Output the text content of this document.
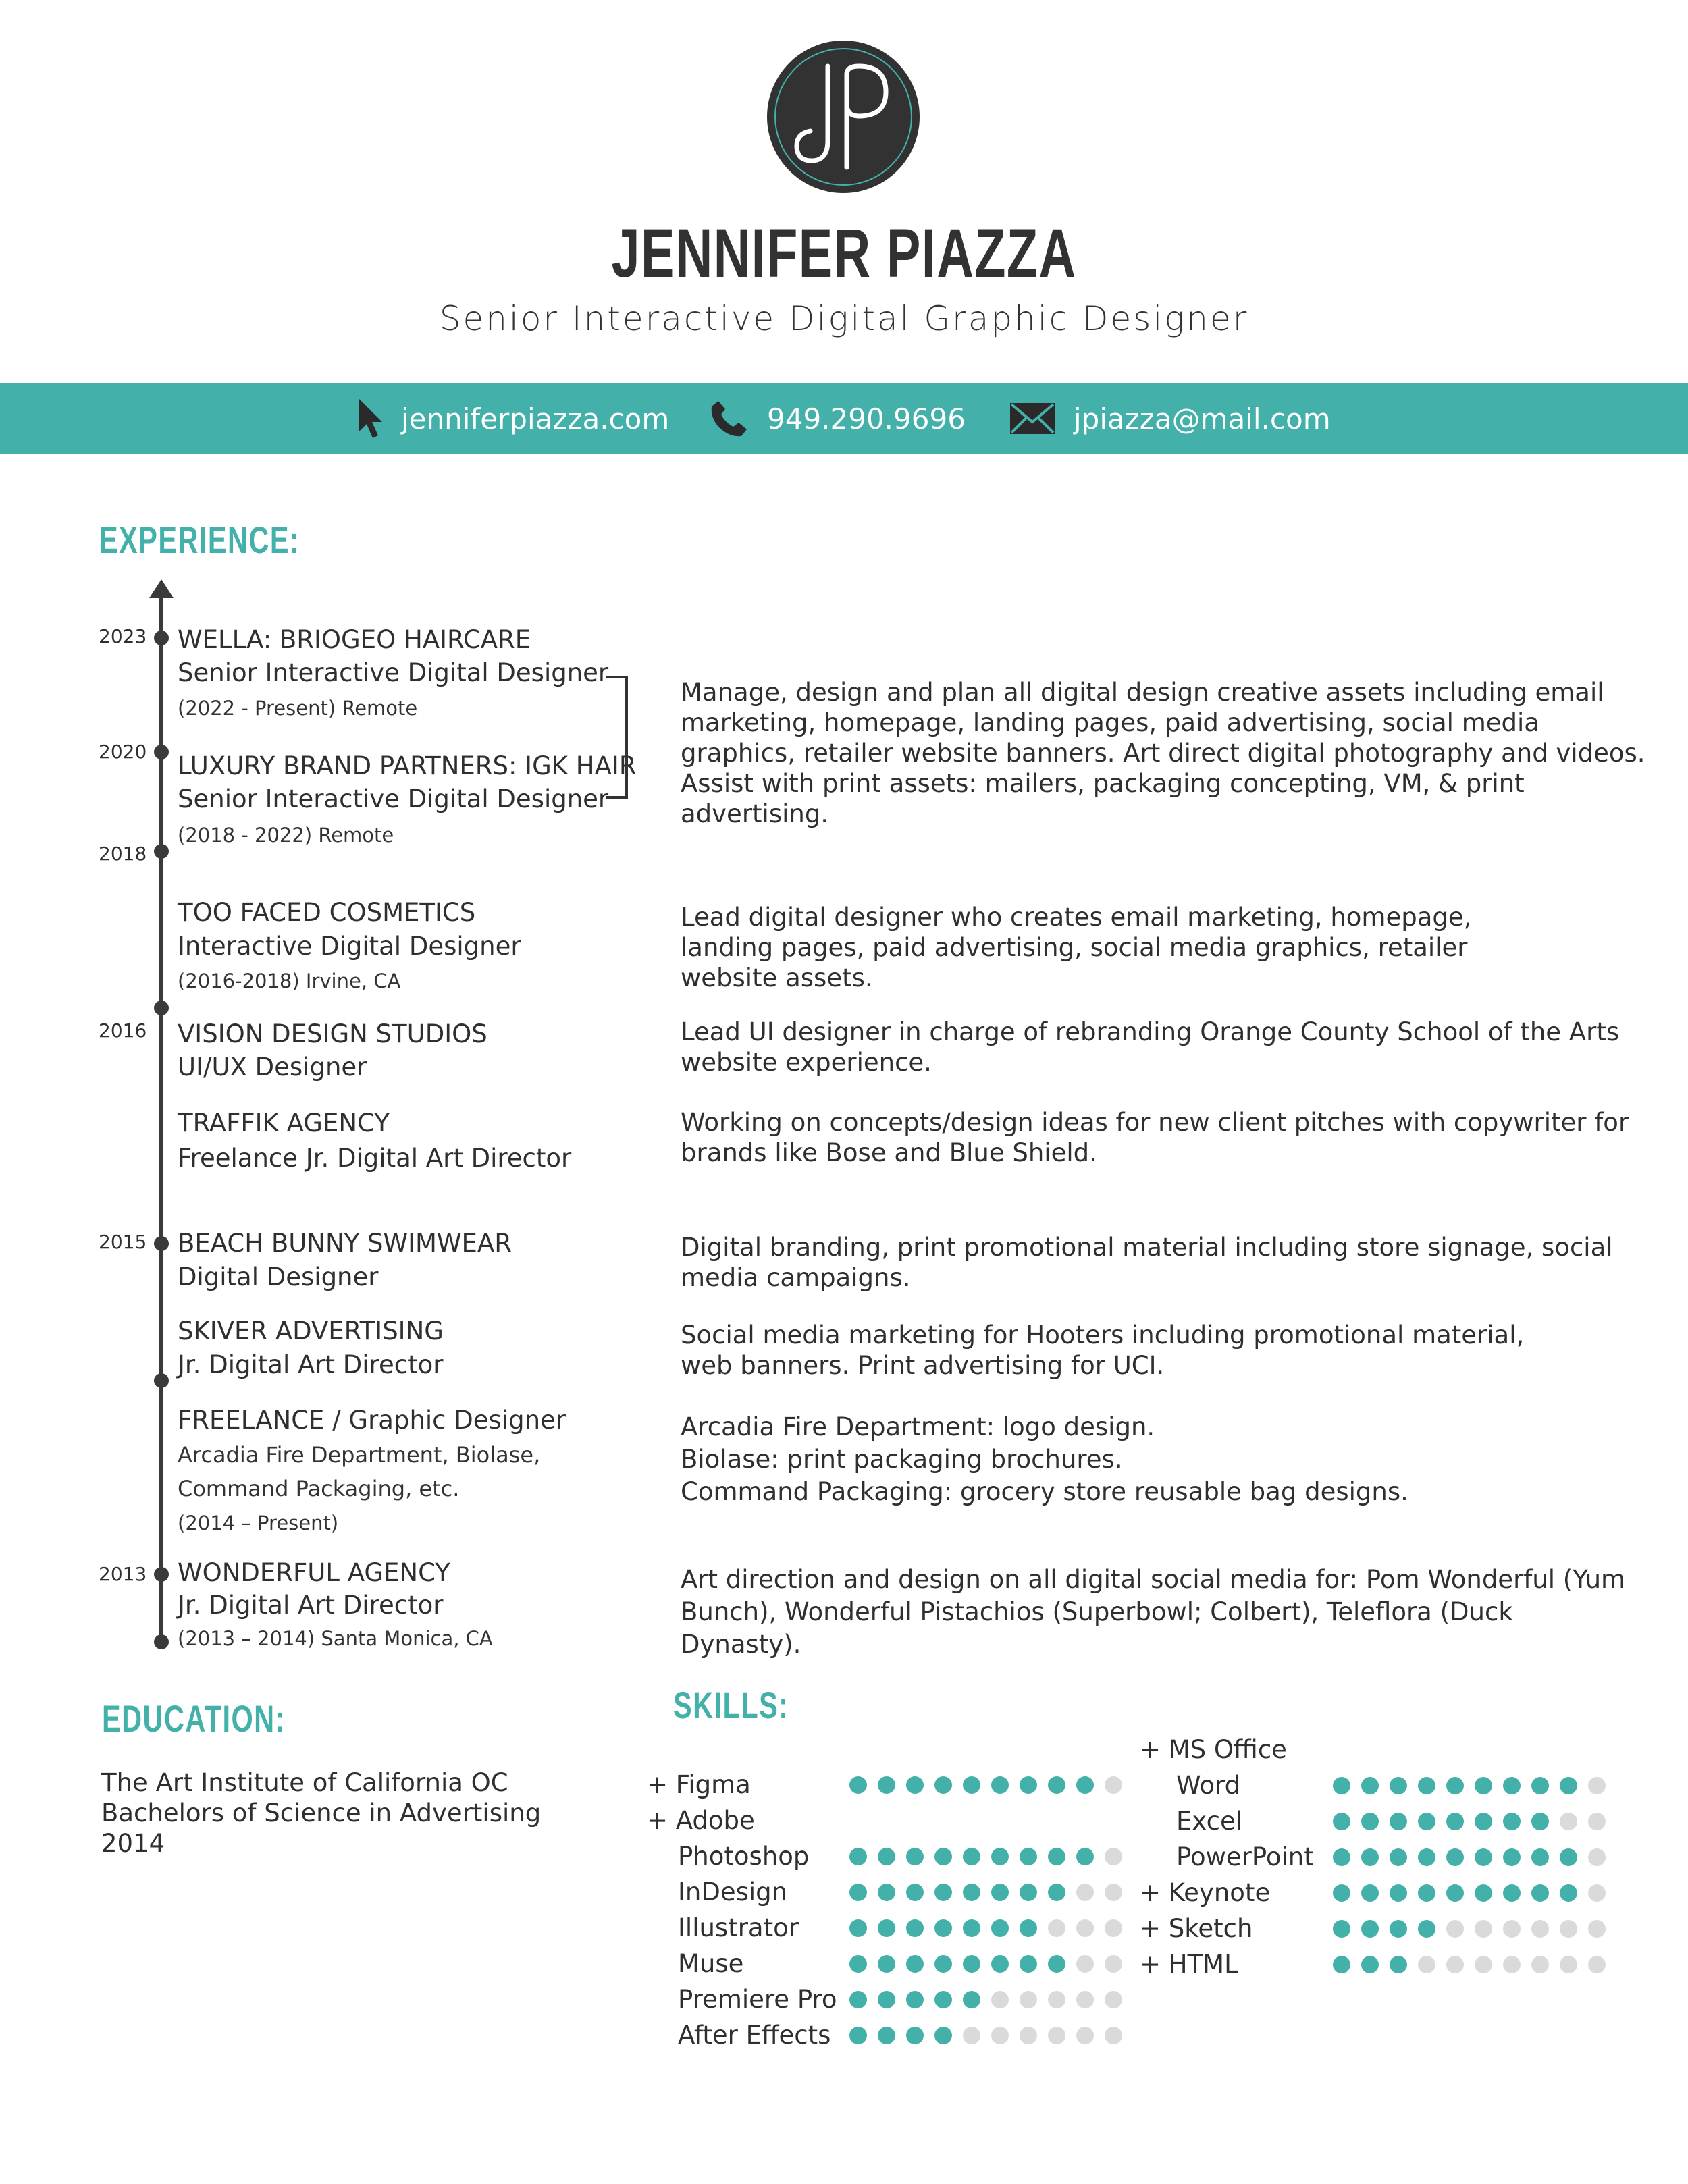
JENNIFER PIAZZA
Senior Interactive Digital Graphic Designer
jenniferpiazza.com	949.290.9696	jpiazza@mail.com
EXPERIENCE:
2023
2020
2018
2016
2015
2013
WELLA: BRIOGEO HAIRCARE
Senior Interactive Digital Designer
(2022 - Present) Remote
LUXURY BRAND PARTNERS: IGK HAIR
Senior Interactive Digital Designer
(2018 - 2022) Remote
Manage, design and plan all digital design creative assets including email marketing, homepage, landing pages, paid advertising, social media graphics, retailer website banners. Art direct digital photography and videos. Assist with print assets: mailers, packaging concepting, VM, & print advertising.
TOO FACED COSMETICS
Interactive Digital Designer
(2016-2018) Irvine, CA
Lead digital designer who creates email marketing, homepage, landing pages, paid advertising, social media graphics, retailer website assets.
VISION DESIGN STUDIOS
UI/UX Designer
Lead UI designer in charge of rebranding Orange County School of the Arts website experience.
TRAFFIK AGENCY
Freelance Jr. Digital Art Director
Working on concepts/design ideas for new client pitches with copywriter for brands like Bose and Blue Shield.
BEACH BUNNY SWIMWEAR
Digital Designer
Digital branding, print promotional material including store signage, social media campaigns.
SKIVER ADVERTISING
Jr. Digital Art Director
Social media marketing for Hooters including promotional material, web banners. Print advertising for UCI.
FREELANCE / Graphic Designer
Arcadia Fire Department, Biolase,
Command Packaging, etc.
(2014 – Present)
Arcadia Fire Department: logo design.
Biolase: print packaging brochures.
Command Packaging: grocery store reusable bag designs.
WONDERFUL AGENCY
Jr. Digital Art Director
(2013 – 2014) Santa Monica, CA
Art direction and design on all digital social media for: Pom Wonderful (Yum Bunch), Wonderful Pistachios (Superbowl; Colbert), Teleflora (Duck Dynasty).
EDUCATION:
The Art Institute of California OC
Bachelors of Science in Advertising
2014
SKILLS:
+ Figma
+ Adobe
Photoshop
InDesign
Illustrator
Muse
Premiere Pro
After Effects
+ MS Office
Word
Excel
PowerPoint
+ Keynote
+ Sketch
+ HTML
